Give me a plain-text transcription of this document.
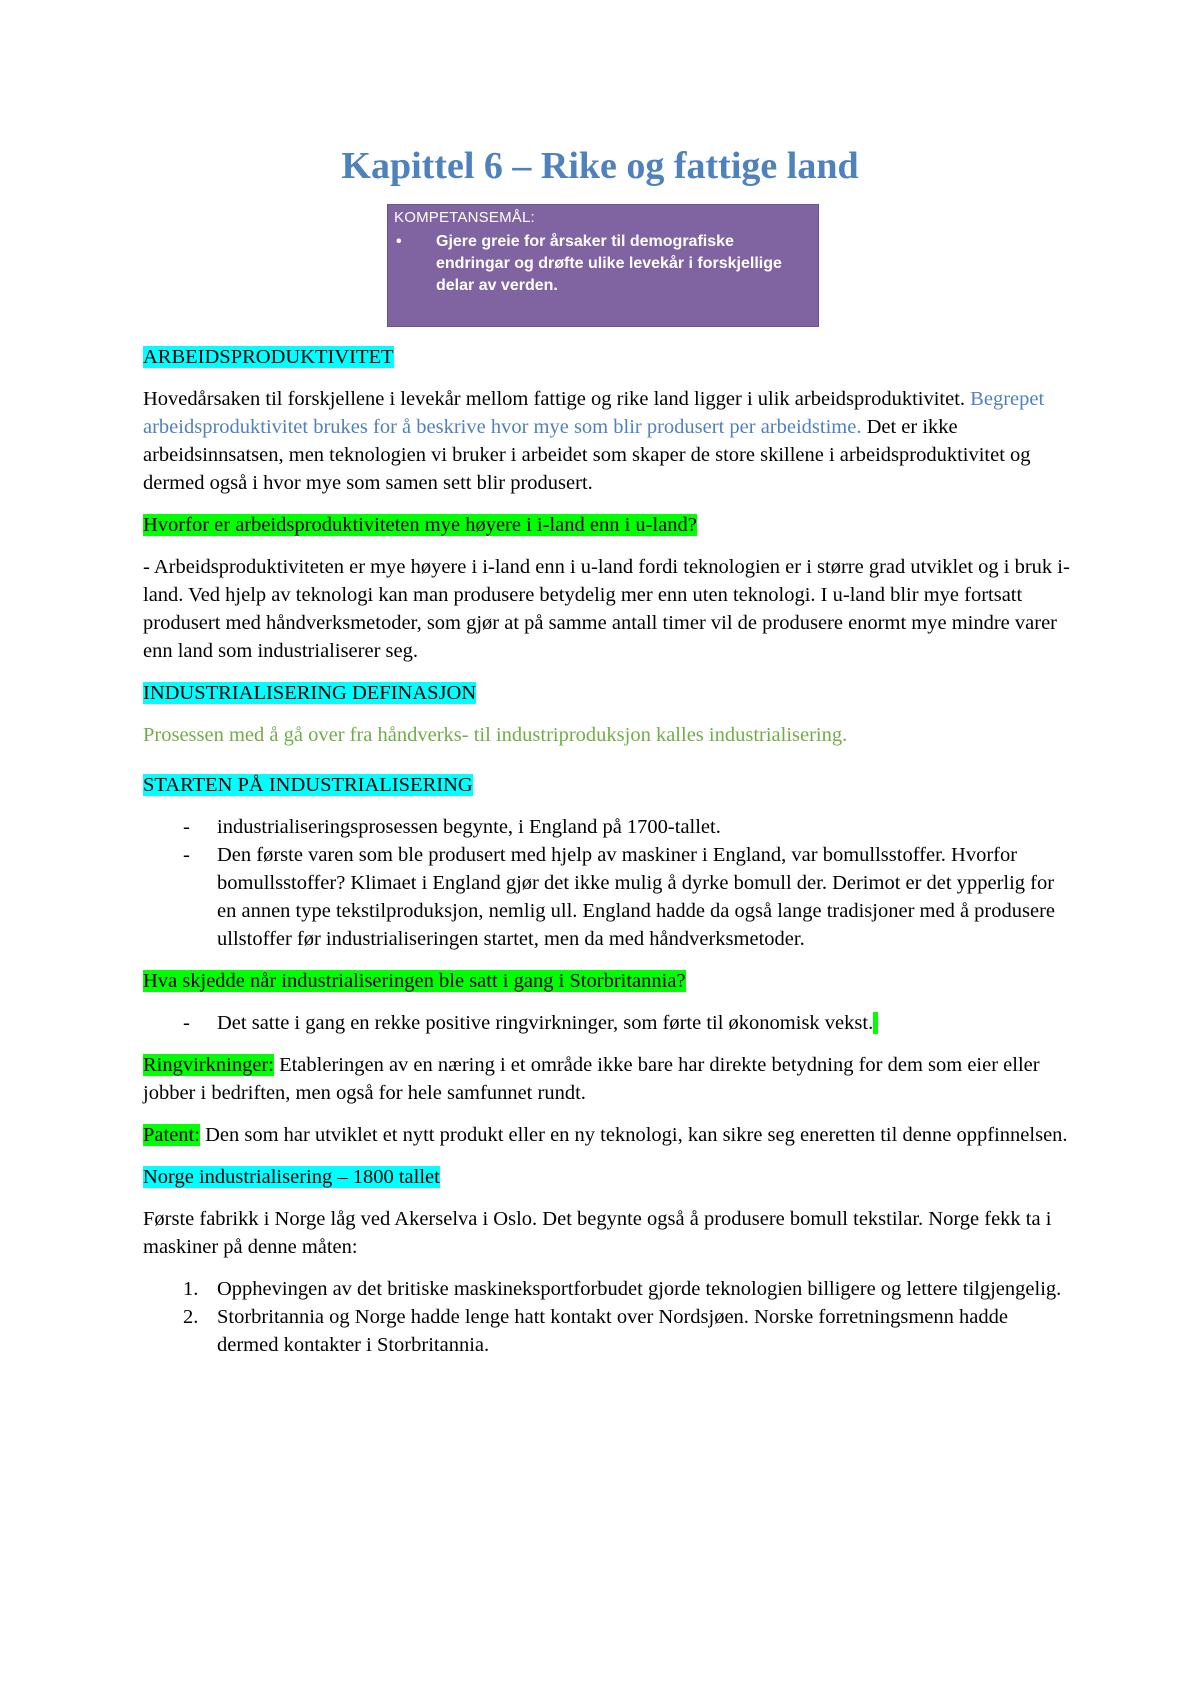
Kapittel 6 – Rike og fattige land
KOMPETANSEMÅL:
•	Gjere greie for årsaker til demografiske endringar og drøfte ulike levekår i forskjellige delar av verden.

ARBEIDSPRODUKTIVITET

Hovedårsaken til forskjellene i levekår mellom fattige og rike land ligger i ulik arbeidsproduktivitet. Begrepet arbeidsproduktivitet brukes for å beskrive hvor mye som blir produsert per arbeidstime. Det er ikke arbeidsinnsatsen, men teknologien vi bruker i arbeidet som skaper de store skillene i arbeidsproduktivitet og dermed også i hvor mye som samen sett blir produsert.

Hvorfor er arbeidsproduktiviteten mye høyere i i-land enn i u-land?

- Arbeidsproduktiviteten er mye høyere i i-land enn i u-land fordi teknologien er i større grad utviklet og i bruk i-land. Ved hjelp av teknologi kan man produsere betydelig mer enn uten teknologi. I u-land blir mye fortsatt produsert med håndverksmetoder, som gjør at på samme antall timer vil de produsere enormt mye mindre varer enn land som industrialiserer seg.

INDUSTRIALISERING DEFINASJON

Prosessen med å gå over fra håndverks- til industriproduksjon kalles industrialisering.

STARTEN PÅ INDUSTRIALISERING

-	industrialiseringsprosessen begynte, i England på 1700-tallet.
-	Den første varen som ble produsert med hjelp av maskiner i England, var bomullsstoffer. Hvorfor bomullsstoffer? Klimaet i England gjør det ikke mulig å dyrke bomull der. Derimot er det ypperlig for en annen type tekstilproduksjon, nemlig ull. England hadde da også lange tradisjoner med å produsere ullstoffer før industrialiseringen startet, men da med håndverksmetoder.

Hva skjedde når industrialiseringen ble satt i gang i Storbritannia?

-	Det satte i gang en rekke positive ringvirkninger, som førte til økonomisk vekst.

Ringvirkninger: Etableringen av en næring i et område ikke bare har direkte betydning for dem som eier eller jobber i bedriften, men også for hele samfunnet rundt.

Patent: Den som har utviklet et nytt produkt eller en ny teknologi, kan sikre seg eneretten til denne oppfinnelsen.

Norge industrialisering – 1800 tallet

Første fabrikk i Norge låg ved Akerselva i Oslo. Det begynte også å produsere bomull tekstilar. Norge fekk ta i maskiner på denne måten:

1. Opphevingen av det britiske maskineksportforbudet gjorde teknologien billigere og lettere tilgjengelig.
2. Storbritannia og Norge hadde lenge hatt kontakt over Nordsjøen. Norske forretningsmenn hadde dermed kontakter i Storbritannia.
